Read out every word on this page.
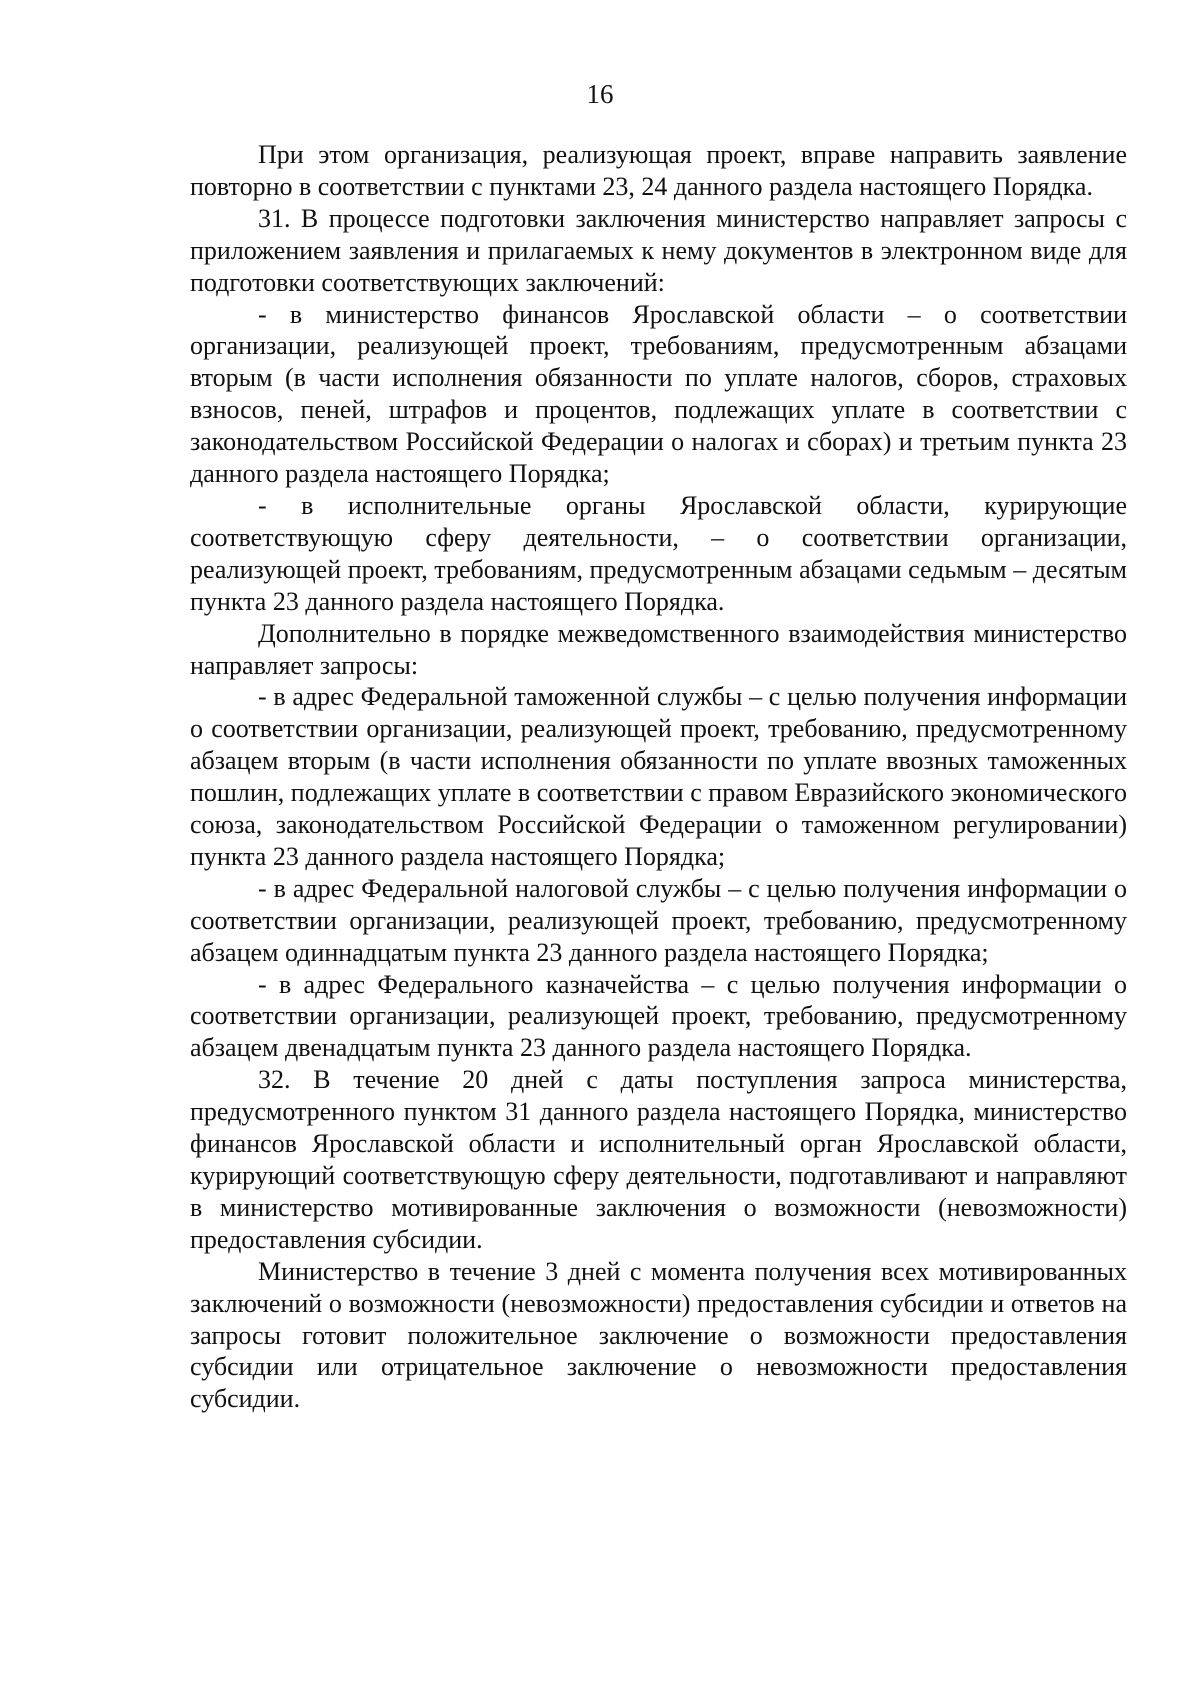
16

При этом организация, реализующая проект, вправе направить заявление повторно в соответствии с пунктами 23, 24 данного раздела настоящего Порядка.

31. В процессе подготовки заключения министерство направляет запросы с приложением заявления и прилагаемых к нему документов в электронном виде для подготовки соответствующих заключений:

- в министерство финансов Ярославской области – о соответствии организации, реализующей проект, требованиям, предусмотренным абзацами вторым (в части исполнения обязанности по уплате налогов, сборов, страховых взносов, пеней, штрафов и процентов, подлежащих уплате в соответствии с законодательством Российской Федерации о налогах и сборах) и третьим пункта 23 данного раздела настоящего Порядка;

- в исполнительные органы Ярославской области, курирующие соответствующую сферу деятельности, – о соответствии организации, реализующей проект, требованиям, предусмотренным абзацами седьмым – десятым пункта 23 данного раздела настоящего Порядка.

Дополнительно в порядке межведомственного взаимодействия министерство направляет запросы:

- в адрес Федеральной таможенной службы – с целью получения информации о соответствии организации, реализующей проект, требованию, предусмотренному абзацем вторым (в части исполнения обязанности по уплате ввозных таможенных пошлин, подлежащих уплате в соответствии с правом Евразийского экономического союза, законодательством Российской Федерации о таможенном регулировании) пункта 23 данного раздела настоящего Порядка;

- в адрес Федеральной налоговой службы – с целью получения информации о соответствии организации, реализующей проект, требованию, предусмотренному абзацем одиннадцатым пункта 23 данного раздела настоящего Порядка;

- в адрес Федерального казначейства – с целью получения информации о соответствии организации, реализующей проект, требованию, предусмотренному абзацем двенадцатым пункта 23 данного раздела настоящего Порядка.

32. В течение 20 дней с даты поступления запроса министерства, предусмотренного пунктом 31 данного раздела настоящего Порядка, министерство финансов Ярославской области и исполнительный орган Ярославской области, курирующий соответствующую сферу деятельности, подготавливают и направляют в министерство мотивированные заключения о возможности (невозможности) предоставления субсидии.

Министерство в течение 3 дней с момента получения всех мотивированных заключений о возможности (невозможности) предоставления субсидии и ответов на запросы готовит положительное заключение о возможности предоставления субсидии или отрицательное заключение о невозможности предоставления субсидии.
